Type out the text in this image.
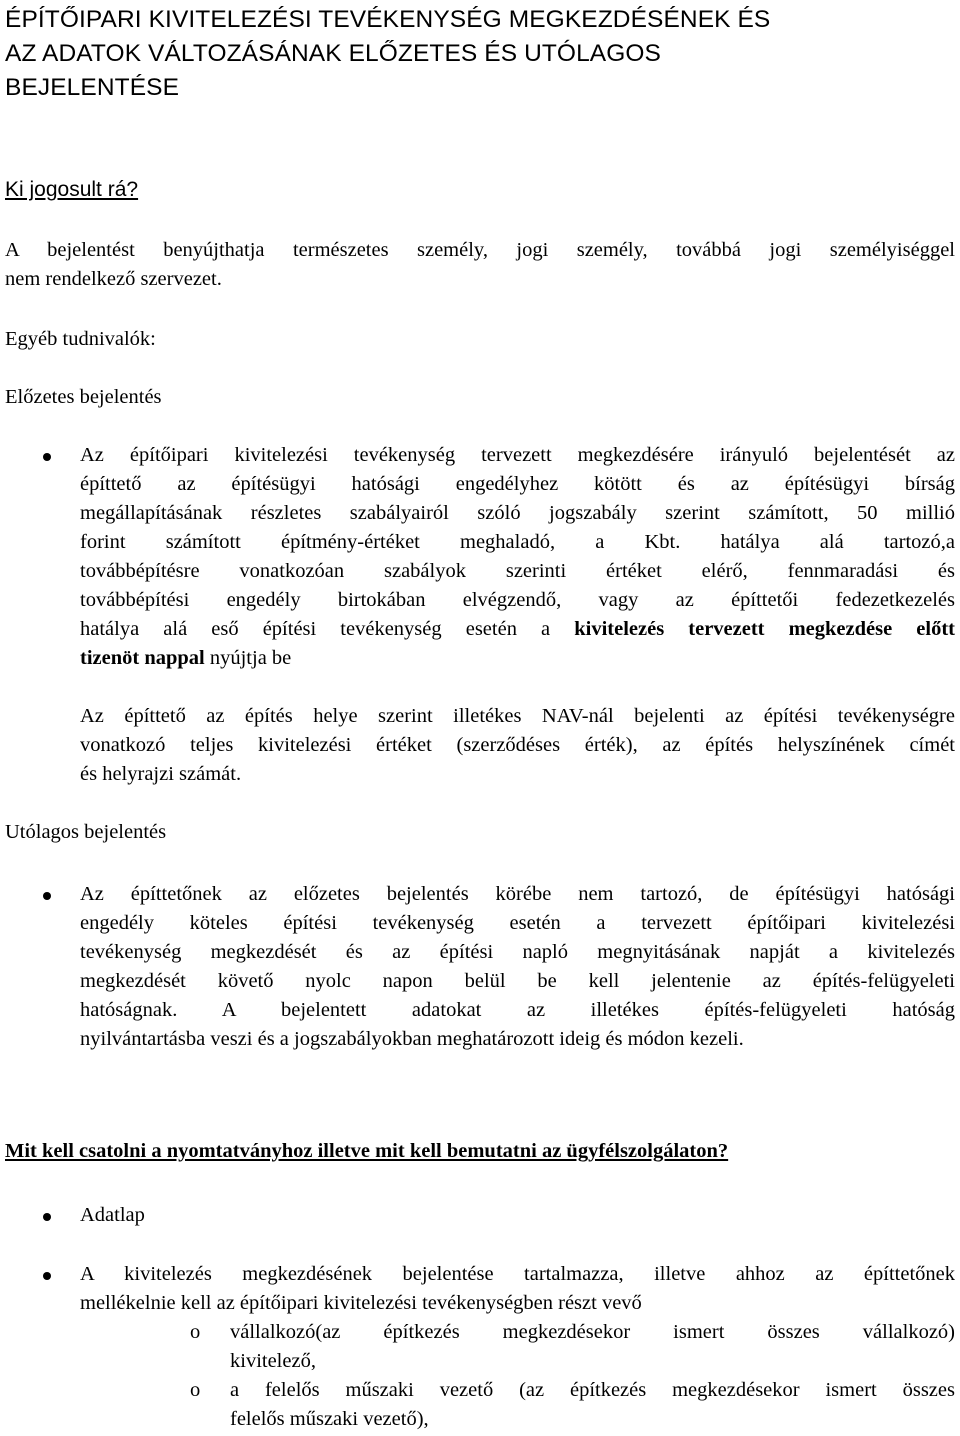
ÉPÍTŐIPARI KIVITELEZÉSI TEVÉKENYSÉG MEGKEZDÉSÉNEK ÉS
AZ ADATOK VÁLTOZÁSÁNAK ELŐZETES ÉS UTÓLAGOS
BEJELENTÉSE
Ki jogosult rá?
A bejelentést benyújthatja természetes személy, jogi személy, továbbá jogi személyiséggel
nem rendelkező szervezet.
Egyéb tudnivalók:
Előzetes bejelentés
Az építőipari kivitelezési tevékenység tervezett megkezdésére irányuló bejelentését az
építtető az építésügyi hatósági engedélyhez kötött és az építésügyi bírság
megállapításának részletes szabályairól szóló jogszabály szerint számított, 50 millió
forint számított építmény-értéket meghaladó, a Kbt. hatálya alá tartozó,a
továbbépítésre vonatkozóan szabályok szerinti értéket elérő, fennmaradási és
továbbépítési engedély birtokában elvégzendő, vagy az építtetői fedezetkezelés
hatálya alá eső építési tevékenység esetén a kivitelezés tervezett megkezdése előtt
tizenöt nappal nyújtja be
Az építtető az építés helye szerint illetékes NAV-nál bejelenti az építési tevékenységre
vonatkozó teljes kivitelezési értéket (szerződéses érték), az építés helyszínének címét
és helyrajzi számát.
Utólagos bejelentés
Az építtetőnek az előzetes bejelentés körébe nem tartozó, de építésügyi hatósági
engedély köteles építési tevékenység esetén a tervezett építőipari kivitelezési
tevékenység megkezdését és az építési napló megnyitásának napját a kivitelezés
megkezdését követő nyolc napon belül be kell jelentenie az építés-felügyeleti
hatóságnak. A bejelentett adatokat az illetékes építés-felügyeleti hatóság
nyilvántartásba veszi és a jogszabályokban meghatározott ideig és módon kezeli.
Mit kell csatolni a nyomtatványhoz illetve mit kell bemutatni az ügyfélszolgálaton?
Adatlap
A kivitelezés megkezdésének bejelentése tartalmazza, illetve ahhoz az építtetőnek
mellékelnie kell az építőipari kivitelezési tevékenységben részt vevő
o vállalkozó(az építkezés megkezdésekor ismert összes vállalkozó)
kivitelező,
o a felelős műszaki vezető (az építkezés megkezdésekor ismert összes
felelős műszaki vezető),
